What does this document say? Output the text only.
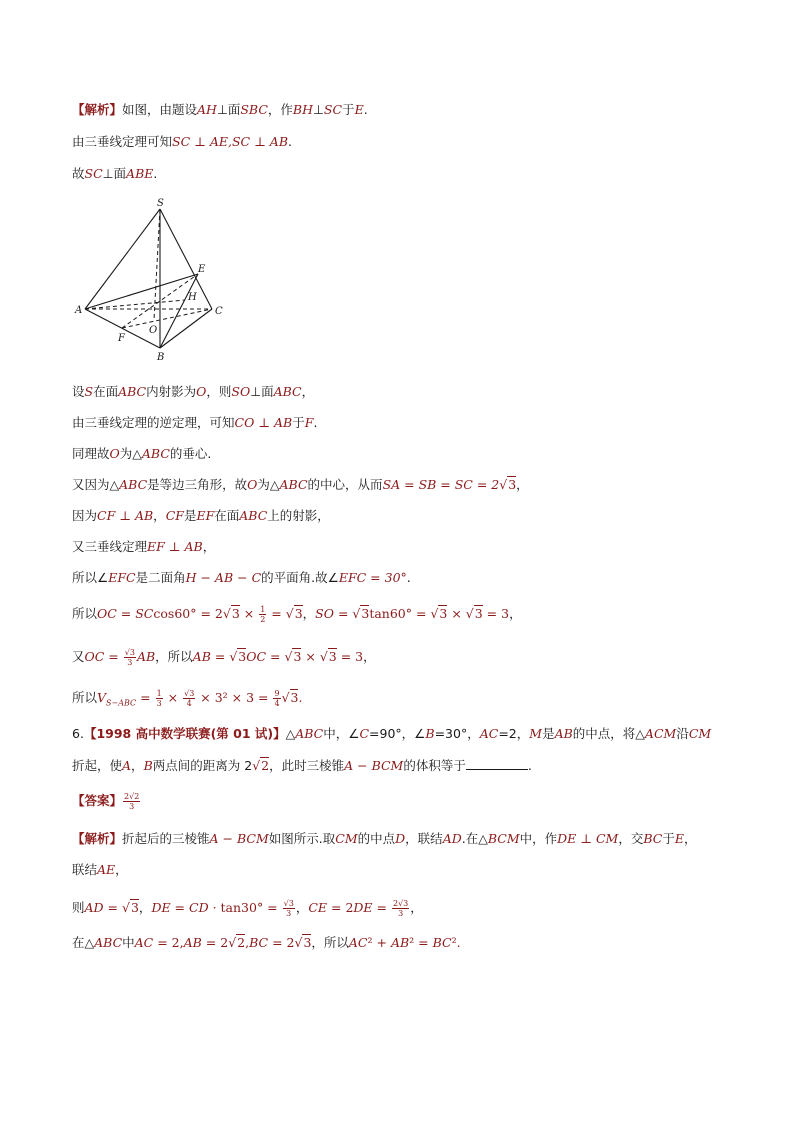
【解析】如图，由题设AH⊥面SBC，作BH⊥SC于E.
由三垂线定理可知SC ⊥ AE,SC ⊥ AB.
故SC⊥面ABE.
S
E
H
A	C
O
F
B
设S在面ABC内射影为O，则SO⊥面ABC，
由三垂线定理的逆定理，可知CO ⊥ AB于F.
同理故O为△ABC的垂心.
又因为△ABC是等边三角形，故O为△ABC的中心，从而SA = SB = SC = 2√3，
因为CF ⊥ AB，CF是EF在面ABC上的射影，
又三垂线定理EF ⊥ AB，
所以∠EFC是二面角H − AB − C的平面角.故∠EFC = 30°.
所以OC = $SCcos60^\circ = 2√3 \times \frac{1}{2} = √3$，SO = √3tan60° = √3 × √3 = 3，
又OC = $\frac{√3}{3}$ AB，所以AB = √3OC = √3 × √3 = 3，
所以$V_{S-ABC} = \frac{1}{3} \times \frac{√3}{4} \times 3^2 \times 3 = \frac{9}{4} √3$.
6.【1998 高中数学联赛(第 01 试)】△ABC中，∠C=90°，∠B=30°，AC=2，M是AB的中点，将△ACM沿CM
折起，使A，B两点间的距离为 2√2，此时三棱锥A − BCM的体积等于	.
【答案】 $\frac{2√2}{3}$
【解析】折起后的三棱锥A − BCM如图所示.取CM的中点D，联结AD.在△BCM中，作DE ⊥ CM，交BC于E，
联结AE，
则AD = √3，DE = CD · $\tan 30^\circ = \frac{√3}{3}$ ，CE = $2DE = \frac{2√3}{3}$ ，
在△ABC中AC = 2,AB = 2√2,BC = 2√3，所以AC² + AB² = BC².
